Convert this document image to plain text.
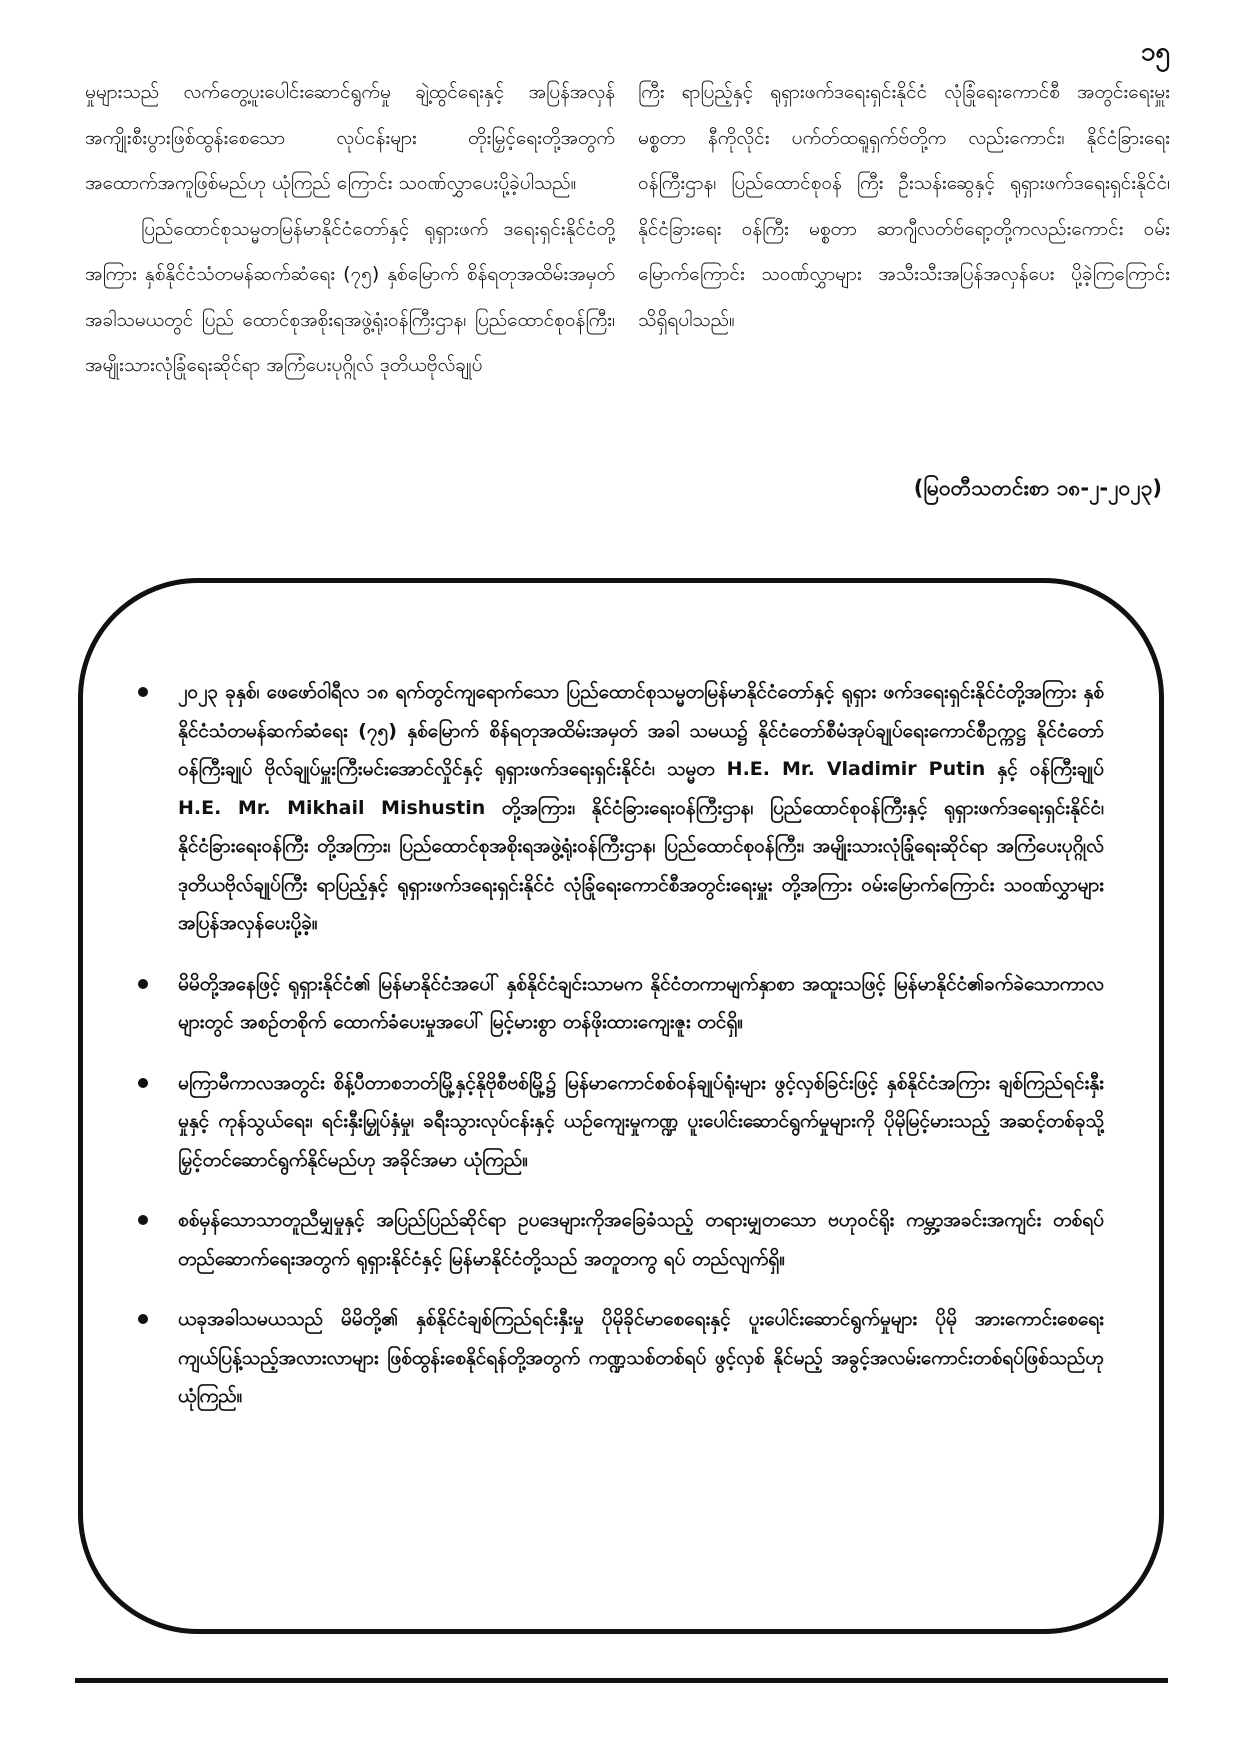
၁၅

မှုများသည် လက်တွေ့ပူးပေါင်းဆောင်ရွက်မှု ချဲ့ထွင်ရေးနှင့် အပြန်အလှန် အကျိုးစီးပွားဖြစ်ထွန်းစေသော လုပ်ငန်းများ တိုးမြှင့်ရေးတို့အတွက် အထောက်အကူဖြစ်မည်ဟု ယုံကြည် ကြောင်း သဝဏ်လွှာပေးပို့ခဲ့ပါသည်။

ပြည်ထောင်စုသမ္မတမြန်မာနိုင်ငံတော်နှင့် ရုရှားဖက် ဒရေးရှင်းနိုင်ငံတို့အကြား နှစ်နိုင်ငံသံတမန်ဆက်ဆံရေး (၇၅) နှစ်မြောက် စိန်ရတုအထိမ်းအမှတ်အခါသမယတွင် ပြည် ထောင်စုအစိုးရအဖွဲ့ရုံးဝန်ကြီးဌာန၊ ပြည်ထောင်စုဝန်ကြီး၊ အမျိုးသားလုံခြုံရေးဆိုင်ရာ အကြံပေးပုဂ္ဂိုလ် ဒုတိယဗိုလ်ချုပ်

ကြီး ရာပြည့်နှင့် ရုရှားဖက်ဒရေးရှင်းနိုင်ငံ လုံခြုံရေးကောင်စီ အတွင်းရေးမှူး မစ္စတာ နီကိုလိုင်း ပက်တ်ထရူရှက်ဗ်တို့က လည်းကောင်း၊ နိုင်ငံခြားရေးဝန်ကြီးဌာန၊ ပြည်ထောင်စုဝန် ကြီး ဦးသန်းဆွေနှင့် ရုရှားဖက်ဒရေးရှင်းနိုင်ငံ၊ နိုင်ငံခြားရေး ဝန်ကြီး မစ္စတာ ဆာဂျီလတ်ဗ်ရော့တို့ကလည်းကောင်း ဝမ်း မြောက်ကြောင်း သဝဏ်လွှာများ အသီးသီးအပြန်အလှန်ပေး ပို့ခဲ့ကြကြောင်း သိရှိရပါသည်။

(မြဝတီသတင်းစာ ၁၈-၂-၂၀၂၃)
၂၀၂၃ ခုနှစ်၊ ဖေဖော်ဝါရီလ ၁၈ ရက်တွင်ကျရောက်သော ပြည်ထောင်စုသမ္မတမြန်မာနိုင်ငံတော်နှင့် ရုရှား ဖက်ဒရေးရှင်းနိုင်ငံတို့အကြား နှစ်နိုင်ငံသံတမန်ဆက်ဆံရေး (၇၅) နှစ်မြောက် စိန်ရတုအထိမ်းအမှတ် အခါ သမယ၌ နိုင်ငံတော်စီမံအုပ်ချုပ်ရေးကောင်စီဥက္ကဋ္ဌ နိုင်ငံတော်ဝန်ကြီးချုပ် ဗိုလ်ချုပ်မှူးကြီးမင်းအောင်လှိုင်နှင့် ရုရှားဖက်ဒရေးရှင်းနိုင်ငံ၊ သမ္မတ H.E. Mr. Vladimir Putin နှင့် ဝန်ကြီးချုပ် H.E. Mr. Mikhail Mishustin တို့အကြား၊ နိုင်ငံခြားရေးဝန်ကြီးဌာန၊ ပြည်ထောင်စုဝန်ကြီးနှင့် ရုရှားဖက်ဒရေးရှင်းနိုင်ငံ၊ နိုင်ငံခြားရေးဝန်ကြီး တို့အကြား၊ ပြည်ထောင်စုအစိုးရအဖွဲ့ရုံးဝန်ကြီးဌာန၊ ပြည်ထောင်စုဝန်ကြီး၊ အမျိုးသားလုံခြုံရေးဆိုင်ရာ အကြံပေးပုဂ္ဂိုလ် ဒုတိယဗိုလ်ချုပ်ကြီး ရာပြည့်နှင့် ရုရှားဖက်ဒရေးရှင်းနိုင်ငံ လုံခြုံရေးကောင်စီအတွင်းရေးမှူး တို့အကြား ဝမ်းမြောက်ကြောင်း သဝဏ်လွှာများ အပြန်အလှန်ပေးပို့ခဲ့။
မိမိတို့အနေဖြင့် ရုရှားနိုင်ငံ၏ မြန်မာနိုင်ငံအပေါ် နှစ်နိုင်ငံချင်းသာမက နိုင်ငံတကာမျက်နှာစာ အထူးသဖြင့် မြန်မာနိုင်ငံ၏ခက်ခဲသောကာလများတွင် အစဉ်တစိုက် ထောက်ခံပေးမှုအပေါ် မြင့်မားစွာ တန်ဖိုးထားကျေးဇူး တင်ရှိ။
မကြာမီကာလအတွင်း စိန့်ပီတာစဘတ်မြို့နှင့်နိုဗိုစီဗစ်မြို့၌ မြန်မာကောင်စစ်ဝန်ချုပ်ရုံးများ ဖွင့်လှစ်ခြင်းဖြင့် နှစ်နိုင်ငံအကြား ချစ်ကြည်ရင်းနှီးမှုနှင့် ကုန်သွယ်ရေး၊ ရင်းနှီးမြှုပ်နှံမှု၊ ခရီးသွားလုပ်ငန်းနှင့် ယဉ်ကျေးမှုကဏ္ဍ ပူးပေါင်းဆောင်ရွက်မှုများကို ပိုမိုမြင့်မားသည့် အဆင့်တစ်ခုသို့ မြှင့်တင်ဆောင်ရွက်နိုင်မည်ဟု အခိုင်အမာ ယုံကြည်။
စစ်မှန်သောသာတူညီမျှမှုနှင့် အပြည်ပြည်ဆိုင်ရာ ဥပဒေများကိုအခြေခံသည့် တရားမျှတသော ဗဟုဝင်ရိုး ကမ္ဘာ့အခင်းအကျင်း တစ်ရပ်တည်ဆောက်ရေးအတွက် ရုရှားနိုင်ငံနှင့် မြန်မာနိုင်ငံတို့သည် အတူတကွ ရပ် တည်လျက်ရှိ။
ယခုအခါသမယသည် မိမိတို့၏ နှစ်နိုင်ငံချစ်ကြည်ရင်းနှီးမှု ပိုမိုခိုင်မာစေရေးနှင့် ပူးပေါင်းဆောင်ရွက်မှုများ ပိုမို အားကောင်းစေရေး ကျယ်ပြန့်သည့်အလားလာများ ဖြစ်ထွန်းစေနိုင်ရန်တို့အတွက် ကဏ္ဍသစ်တစ်ရပ် ဖွင့်လှစ် နိုင်မည့် အခွင့်အလမ်းကောင်းတစ်ရပ်ဖြစ်သည်ဟု ယုံကြည်။
